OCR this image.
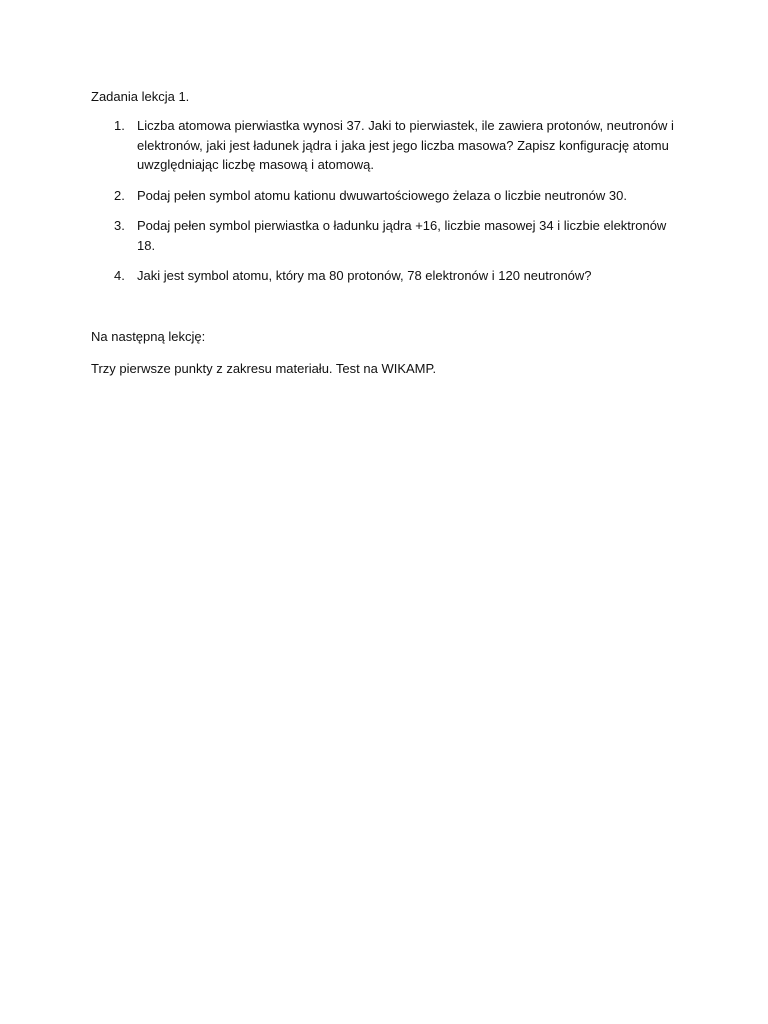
Zadania lekcja 1.

1. Liczba atomowa pierwiastka wynosi 37. Jaki to pierwiastek, ile zawiera protonów, neutronów i elektronów, jaki jest ładunek jądra i jaka jest jego liczba masowa? Zapisz konfigurację atomu uwzględniając liczbę masową i atomową.
2. Podaj pełen symbol atomu kationu dwuwartościowego żelaza o liczbie neutronów 30.
3. Podaj pełen symbol pierwiastka o ładunku jądra +16, liczbie masowej 34 i liczbie elektronów 18.
4. Jaki jest symbol atomu, który ma 80 protonów, 78 elektronów i 120 neutronów?

Na następną lekcję:

Trzy pierwsze punkty z zakresu materiału. Test na WIKAMP.
